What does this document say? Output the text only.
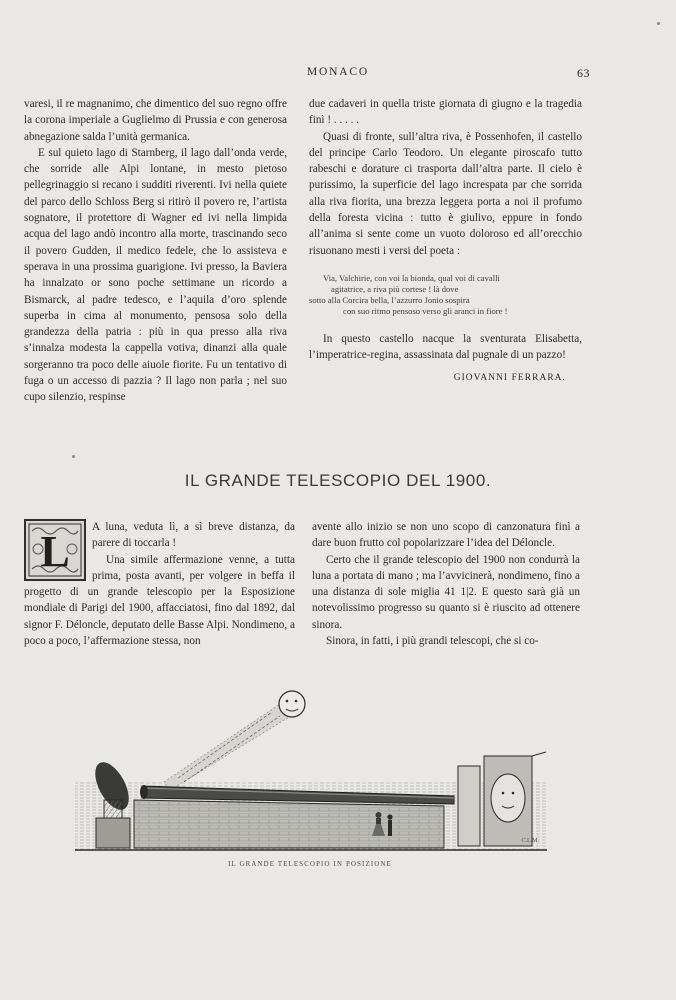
MONACO	63

varesi, il re magnanimo, che dimentico del suo regno offre la corona imperiale a Guglielmo di Prussia e con generosa abnegazione salda l’unità germanica.

E sul quieto lago di Starnberg, il lago dall’onda verde, che sorride alle Alpi lontane, in mesto pietoso pellegrinaggio si recano i sudditi riverenti. Ivi nella quiete del parco dello Schloss Berg si ritirò il povero re, l’artista sognatore, il protettore di Wagner ed ivi nella limpida acqua del lago andò incontro alla morte, trascinando seco il povero Gudden, il medico fedele, che lo assisteva e sperava in una prossima guarigione. Ivi presso, la Baviera ha innalzato or sono poche settimane un ricordo a Bismarck, al padre tedesco, e l’aquila d’oro splende superba in cima al monumento, pensosa solo della grandezza della patria : più in qua presso alla riva s’innalza modesta la cappella votiva, dinanzi alla quale sorgeranno tra poco delle aiuole fiorite. Fu un tentativo di fuga o un accesso di pazzia ? Il lago non parla ; nel suo cupo silenzio, respinse

due cadaveri in quella triste giornata di giugno e la tragedia finì ! . . . . .

Quasi di fronte, sull’altra riva, è Possenhofen, il castello del principe Carlo Teodoro. Un elegante piroscafo tutto rabeschi e dorature ci trasporta dall’altra parte. Il cielo è purissimo, la superficie del lago increspata par che sorrida alla riva fiorita, una brezza leggera porta a noi il profumo della foresta vicina : tutto è giulivo, eppure in fondo all’anima si sente come un vuoto doloroso ed all’orecchio risuonano mesti i versi del poeta :

Via, Valchirie, con voi la bionda, qual voi di cavalli
agitatrice, a riva più cortese ! là dove
sotto alla Corcira bella, l’azzurro Jonio sospira
con suo ritmo pensoso verso gli aranci in fiore !

In questo castello nacque la sventurata Elisabetta, l’imperatrice-regina, assassinata dal pugnale di un pazzo!

GIOVANNI FERRARA.
IL GRANDE TELESCOPIO DEL 1900.
L	A luna, veduta lì, a sì breve distanza, da parere di toccarla !

Una simile affermazione venne, a tutta prima, posta avanti, per volgere in beffa il progetto di un grande telescopio per la Esposizione mondiale di Parigi del 1900, affacciatosi, fino dal 1892, dal signor F. Déloncle, deputato delle Basse Alpi. Nondimeno, a poco a poco, l’affermazione stessa, non

avente allo inizio se non uno scopo di canzonatura finì a dare buon frutto col popolarizzare l’idea del Déloncle.

Certo che il grande telescopio del 1900 non condurrà la luna a portata di mano ; ma l’avvicinerà, nondimeno, fino a una distanza di sole miglia 41 1|2. E questo sarà già un notevolissimo progresso su quanto si è riuscito ad ottenere sinora.

Sinora, in fatti, i più grandi telescopi, che si co-

C.L.M.
IL GRANDE TELESCOPIO IN POSIZIONE
